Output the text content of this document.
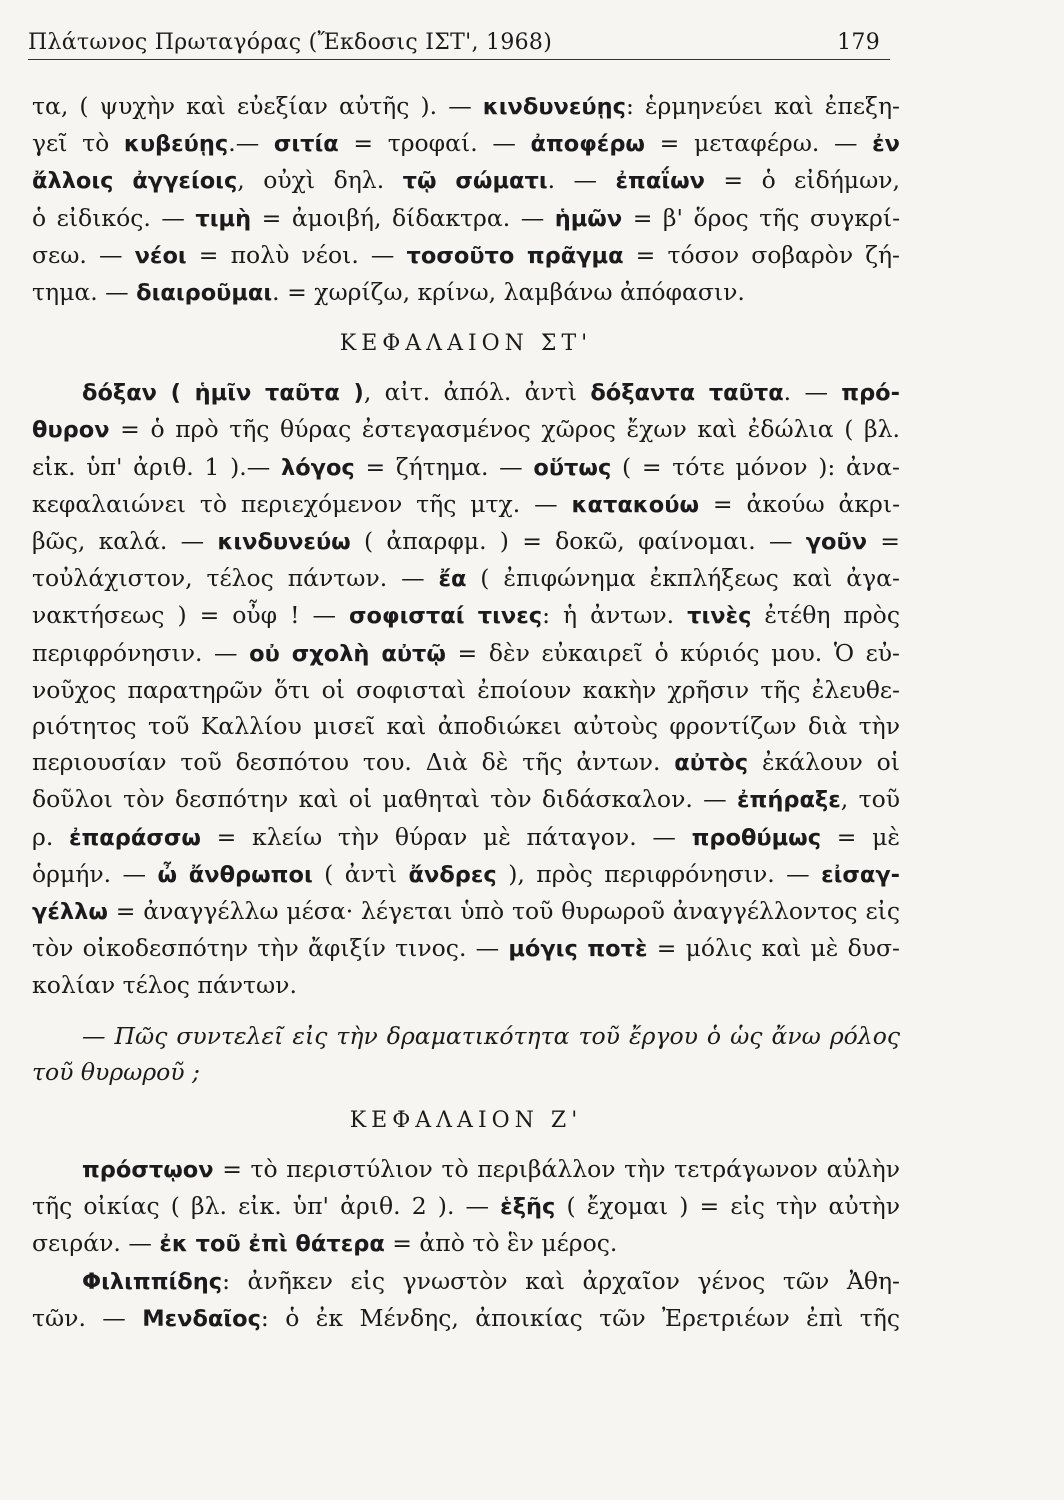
Πλάτωνος Πρωταγόρας (Ἔκδοσις ΙΣΤ', 1968)	179

τα, ( ψυχὴν καὶ εὐεξίαν αὐτῆς ). — κινδυνεύῃς: ἑρμηνεύει καὶ ἐπεξη-

γεῖ τὸ κυβεύῃς.— σιτία = τροφαί. — ἀποφέρω = μεταφέρω. — ἐν

ἄλλοις ἀγγείοις, οὐχὶ δηλ. τῷ σώματι. — ἐπαΐων = ὁ εἰδήμων,

ὁ εἰδικός. — τιμὴ = ἀμοιβή, δίδακτρα. — ἡμῶν = β' ὅρος τῆς συγκρί-

σεω. — νέοι = πολὺ νέοι. — τοσοῦτο πρᾶγμα = τόσον σοβαρὸν ζή-

τημα. — διαιροῦμαι. = χωρίζω, κρίνω, λαμβάνω ἀπόφασιν.

ΚΕΦΑΛΑΙΟΝ ΣΤ'

δόξαν ( ἡμῖν ταῦτα ), αἰτ. ἀπόλ. ἀντὶ δόξαντα ταῦτα. — πρό-

θυρον = ὁ πρὸ τῆς θύρας ἐστεγασμένος χῶρος ἔχων καὶ ἐδώλια ( βλ.

εἰκ. ὑπ' ἀριθ. 1 ).— λόγος = ζήτημα. — οὕτως ( = τότε μόνον ): ἀνα-

κεφαλαιώνει τὸ περιεχόμενον τῆς μτχ. — κατακούω = ἀκούω ἀκρι-

βῶς, καλά. — κινδυνεύω ( ἀπαρφμ. ) = δοκῶ, φαίνομαι. — γοῦν =

τοὐλάχιστον, τέλος πάντων. — ἔα ( ἐπιφώνημα ἐκπλήξεως καὶ ἀγα-

νακτήσεως ) = οὖφ ! — σοφισταί τινες: ἡ ἀντων. τινὲς ἐτέθη πρὸς

περιφρόνησιν. — οὐ σχολὴ αὐτῷ = δὲν εὐκαιρεῖ ὁ κύριός μου. Ὁ εὐ-

νοῦχος παρατηρῶν ὅτι οἱ σοφισταὶ ἐποίουν κακὴν χρῆσιν τῆς ἐλευθε-

ριότητος τοῦ Καλλίου μισεῖ καὶ ἀποδιώκει αὐτοὺς φροντίζων διὰ τὴν

περιουσίαν τοῦ δεσπότου του. Διὰ δὲ τῆς ἀντων. αὐτὸς ἐκάλουν οἱ

δοῦλοι τὸν δεσπότην καὶ οἱ μαθηταὶ τὸν διδάσκαλον. — ἐπήραξε, τοῦ

ρ. ἐπαράσσω = κλείω τὴν θύραν μὲ πάταγον. — προθύμως = μὲ

ὁρμήν. — ὦ ἄνθρωποι ( ἀντὶ ἄνδρες ), πρὸς περιφρόνησιν. — εἰσαγ-

γέλλω = ἀναγγέλλω μέσα· λέγεται ὑπὸ τοῦ θυρωροῦ ἀναγγέλλοντος εἰς

τὸν οἰκοδεσπότην τὴν ἄφιξίν τινος. — μόγις ποτὲ = μόλις καὶ μὲ δυσ-

κολίαν τέλος πάντων.

— Πῶς συντελεῖ εἰς τὴν δραματικότητα τοῦ ἔργου ὁ ὡς ἄνω ρόλος

τοῦ θυρωροῦ ;

ΚΕΦΑΛΑΙΟΝ Ζ'

πρόστῳον = τὸ περιστύλιον τὸ περιβάλλον τὴν τετράγωνον αὐλὴν

τῆς οἰκίας ( βλ. εἰκ. ὑπ' ἀριθ. 2 ). — ἑξῆς ( ἔχομαι ) = εἰς τὴν αὐτὴν

σειράν. — ἐκ τοῦ ἐπὶ θάτερα = ἀπὸ τὸ ἓν μέρος.

Φιλιππίδης: ἀνῆκεν εἰς γνωστὸν καὶ ἀρχαῖον γένος τῶν Ἀθη-

τῶν. — Μενδαῖος: ὁ ἐκ Μένδης, ἀποικίας τῶν Ἐρετριέων ἐπὶ τῆς
